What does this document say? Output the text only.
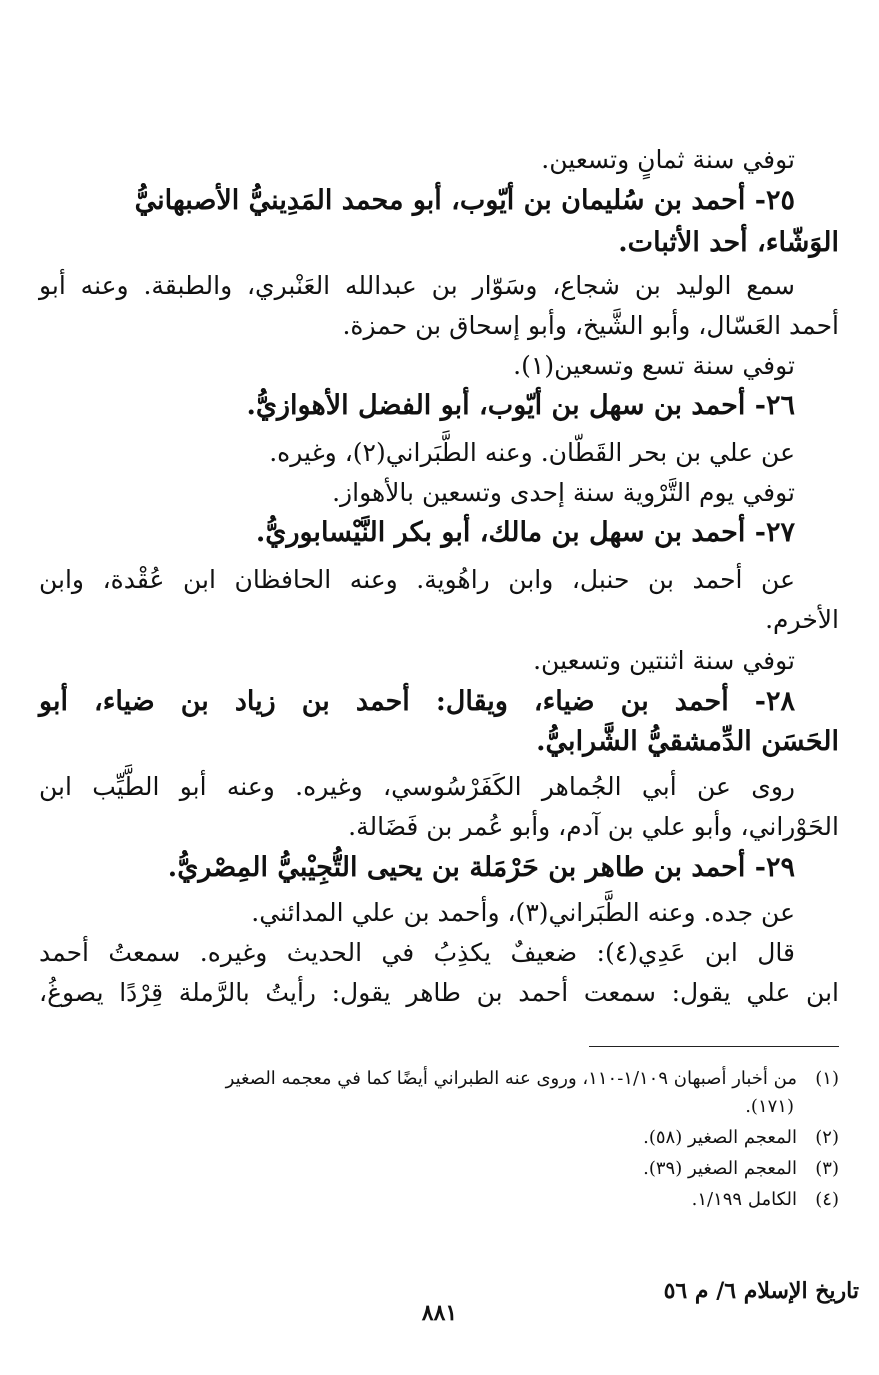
توفي سنة ثمانٍ وتسعين.
٢٥- أحمد بن سُليمان بن أيّوب، أبو محمد المَدِينيُّ الأصبهانيُّ
الوَشّاء، أحد الأثبات.
سمع الوليد بن شجاع، وسَوّار بن عبدالله العَنْبري، والطبقة. وعنه أبو
أحمد العَسّال، وأبو الشَّيخ، وأبو إسحاق بن حمزة.
توفي سنة تسع وتسعين(١).
٢٦- أحمد بن سهل بن أيّوب، أبو الفضل الأهوازيُّ.
عن علي بن بحر القَطّان. وعنه الطَّبَراني(٢)، وغيره.
توفي يوم التَّرْوية سنة إحدى وتسعين بالأهواز.
٢٧- أحمد بن سهل بن مالك، أبو بكر النَّيْسابوريُّ.
عن أحمد بن حنبل، وابن راهُوية. وعنه الحافظان ابن عُقْدة، وابن
الأخرم.
توفي سنة اثنتين وتسعين.
٢٨- أحمد بن ضياء، ويقال: أحمد بن زياد بن ضياء، أبو
الحَسَن الدِّمشقيُّ الشَّرابيُّ.
روى عن أبي الجُماهر الكَفَرْسُوسي، وغيره. وعنه أبو الطَّيِّب ابن
الحَوْراني، وأبو علي بن آدم، وأبو عُمر بن فَضَالة.
٢٩- أحمد بن طاهر بن حَرْمَلة بن يحيى التُّجِيْبيُّ المِصْريُّ.
عن جده. وعنه الطَّبَراني(٣)، وأحمد بن علي المدائني.
قال ابن عَدِي(٤): ضعيفٌ يكذِبُ في الحديث وغيره. سمعتُ أحمد
ابن علي يقول: سمعت أحمد بن طاهر يقول: رأيتُ بالرَّملة قِرْدًا يصوغُ،
(١)من أخبار أصبهان ١/١٠٩-١١٠، وروى عنه الطبراني أيضًا كما في معجمه الصغير
(١٧١).
(٢)المعجم الصغير (٥٨).
(٣)المعجم الصغير (٣٩).
(٤)الكامل ١/١٩٩.
تاريخ الإسلام ٦/ م ٥٦
٨٨١
